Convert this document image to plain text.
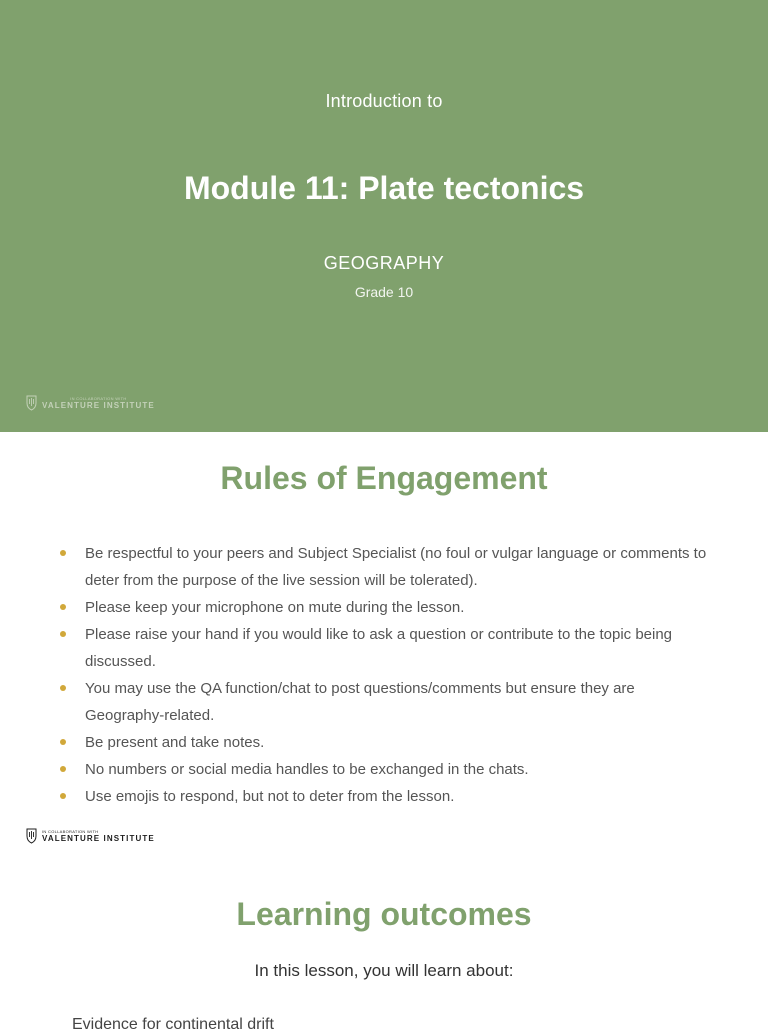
Introduction to
Module 11: Plate tectonics
GEOGRAPHY
Grade 10
IN COLLABORATION WITH
VALENTURE INSTITUTE
Rules of Engagement
Be respectful to your peers and Subject Specialist (no foul or vulgar language or comments to deter from the purpose of the live session will be tolerated).
Please keep your microphone on mute during the lesson.
Please raise your hand if you would like to ask a question or contribute to the topic being discussed.
You may use the QA function/chat to post questions/comments but ensure they are Geography-related.
Be present and take notes.
No numbers or social media handles to be exchanged in the chats.
Use emojis to respond, but not to deter from the lesson.
IN COLLABORATION WITH
VALENTURE INSTITUTE
Learning outcomes
In this lesson, you will learn about:
Evidence for continental drift
